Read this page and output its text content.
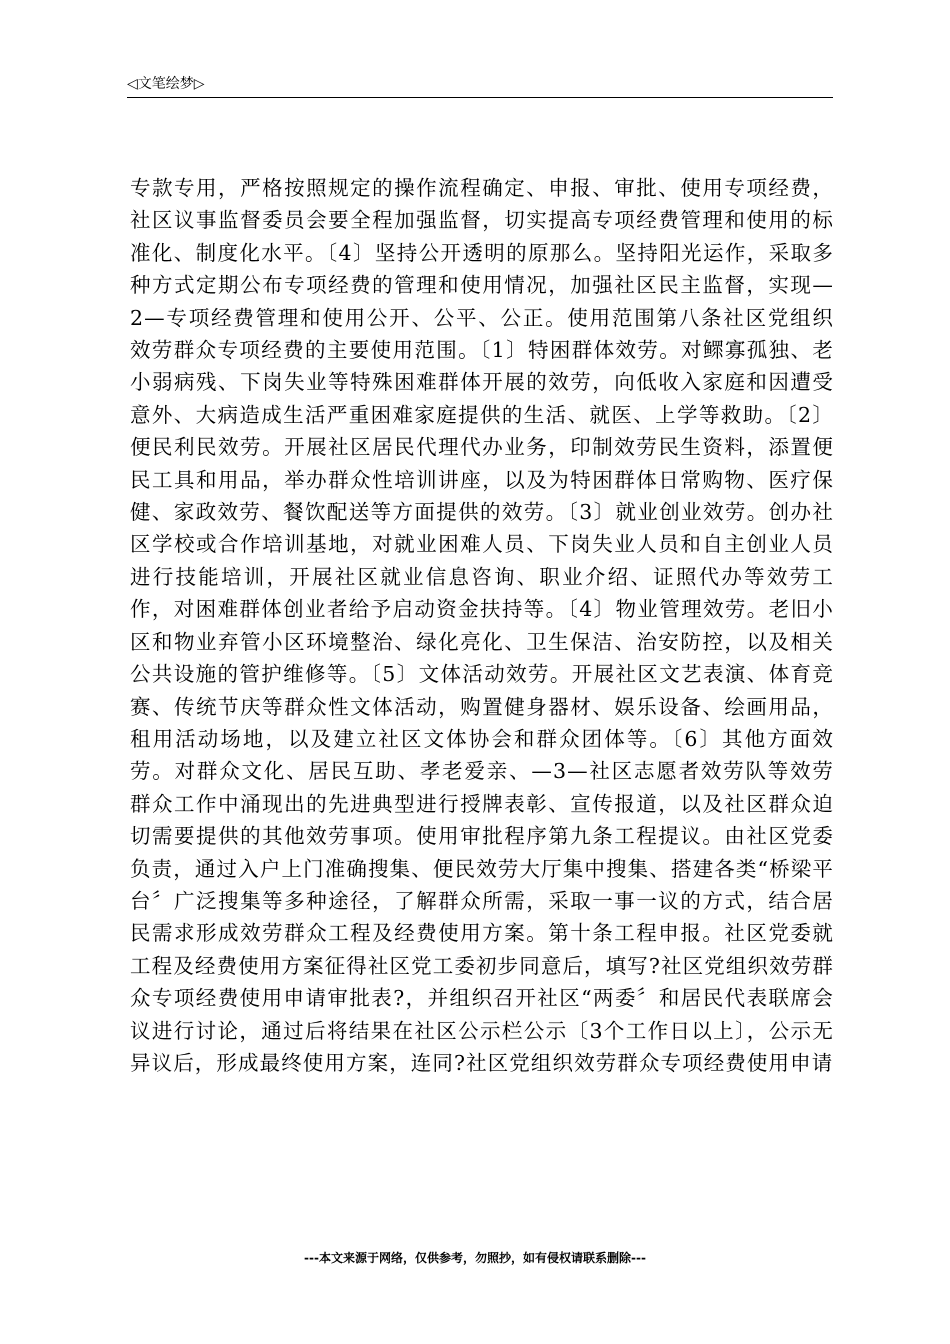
◁文笔绘梦▷

专款专用，严格按照规定的操作流程确定、申报、审批、使用专项经费，社区议事监督委员会要全程加强监督，切实提高专项经费管理和使用的标准化、制度化水平。〔4〕坚持公开透明的原那么。坚持阳光运作，采取多种方式定期公布专项经费的管理和使用情况，加强社区民主监督，实现—2—专项经费管理和使用公开、公平、公正。使用范围第八条社区党组织效劳群众专项经费的主要使用范围。〔1〕特困群体效劳。对鳏寡孤独、老小弱病残、下岗失业等特殊困难群体开展的效劳，向低收入家庭和因遭受意外、大病造成生活严重困难家庭提供的生活、就医、上学等救助。〔2〕便民利民效劳。开展社区居民代理代办业务，印制效劳民生资料，添置便民工具和用品，举办群众性培训讲座，以及为特困群体日常购物、医疗保健、家政效劳、餐饮配送等方面提供的效劳。〔3〕就业创业效劳。创办社区学校或合作培训基地，对就业困难人员、下岗失业人员和自主创业人员进行技能培训，开展社区就业信息咨询、职业介绍、证照代办等效劳工作，对困难群体创业者给予启动资金扶持等。〔4〕物业管理效劳。老旧小区和物业弃管小区环境整治、绿化亮化、卫生保洁、治安防控，以及相关公共设施的管护维修等。〔5〕文体活动效劳。开展社区文艺表演、体育竞赛、传统节庆等群众性文体活动，购置健身器材、娱乐设备、绘画用品，租用活动场地，以及建立社区文体协会和群众团体等。〔6〕其他方面效劳。对群众文化、居民互助、孝老爱亲、—3—社区志愿者效劳队等效劳群众工作中涌现出的先进典型进行授牌表彰、宣传报道，以及社区群众迫切需要提供的其他效劳事项。使用审批程序第九条工程提议。由社区党委负责，通过入户上门准确搜集、便民效劳大厅集中搜集、搭建各类“桥梁平台〞广泛搜集等多种途径，了解群众所需，采取一事一议的方式，结合居民需求形成效劳群众工程及经费使用方案。第十条工程申报。社区党委就工程及经费使用方案征得社区党工委初步同意后，填写?社区党组织效劳群众专项经费使用申请审批表?，并组织召开社区“两委〞和居民代表联席会议进行讨论，通过后将结果在社区公示栏公示〔3个工作日以上〕，公示无异议后，形成最终使用方案，连同?社区党组织效劳群众专项经费使用申请

---本文来源于网络，仅供参考，勿照抄，如有侵权请联系删除---
